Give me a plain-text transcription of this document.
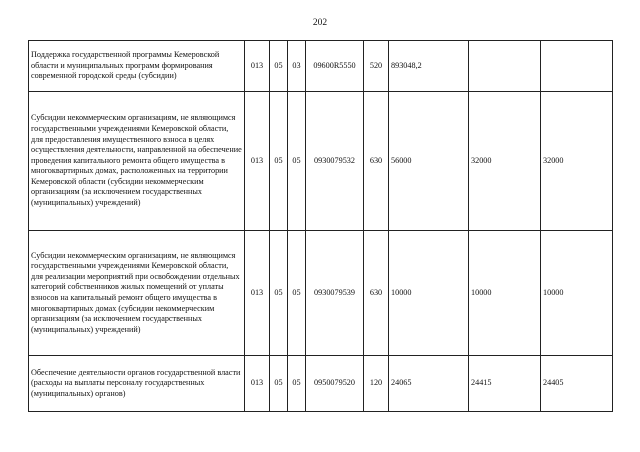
202
Поддержка государственной программы Кемеровской области и муниципальных программ формирования современной городской среды (субсидии)	013	05	03	09600R5550	520	893048,2		
Субсидии некоммерческим организациям, не являющимся государственными учреждениями Кемеровской области, для предоставления имущественного взноса в целях осуществления деятельности, направленной на обеспечение проведения капитального ремонта общего имущества в многоквартирных домах, расположенных на территории Кемеровской области (субсидии некоммерческим организациям (за исключением государственных (муниципальных) учреждений)	013	05	05	0930079532	630	56000	32000	32000
Субсидии некоммерческим организациям, не являющимся государственными учреждениями Кемеровской области, для реализации мероприятий при освобождении отдельных категорий собственников жилых помещений от уплаты взносов на капитальный ремонт общего имущества в многоквартирных домах (субсидии некоммерческим организациям (за исключением государственных (муниципальных) учреждений)	013	05	05	0930079539	630	10000	10000	10000
Обеспечение деятельности органов государственной власти (расходы на выплаты персоналу государственных (муниципальных) органов)	013	05	05	0950079520	120	24065	24415	24405
